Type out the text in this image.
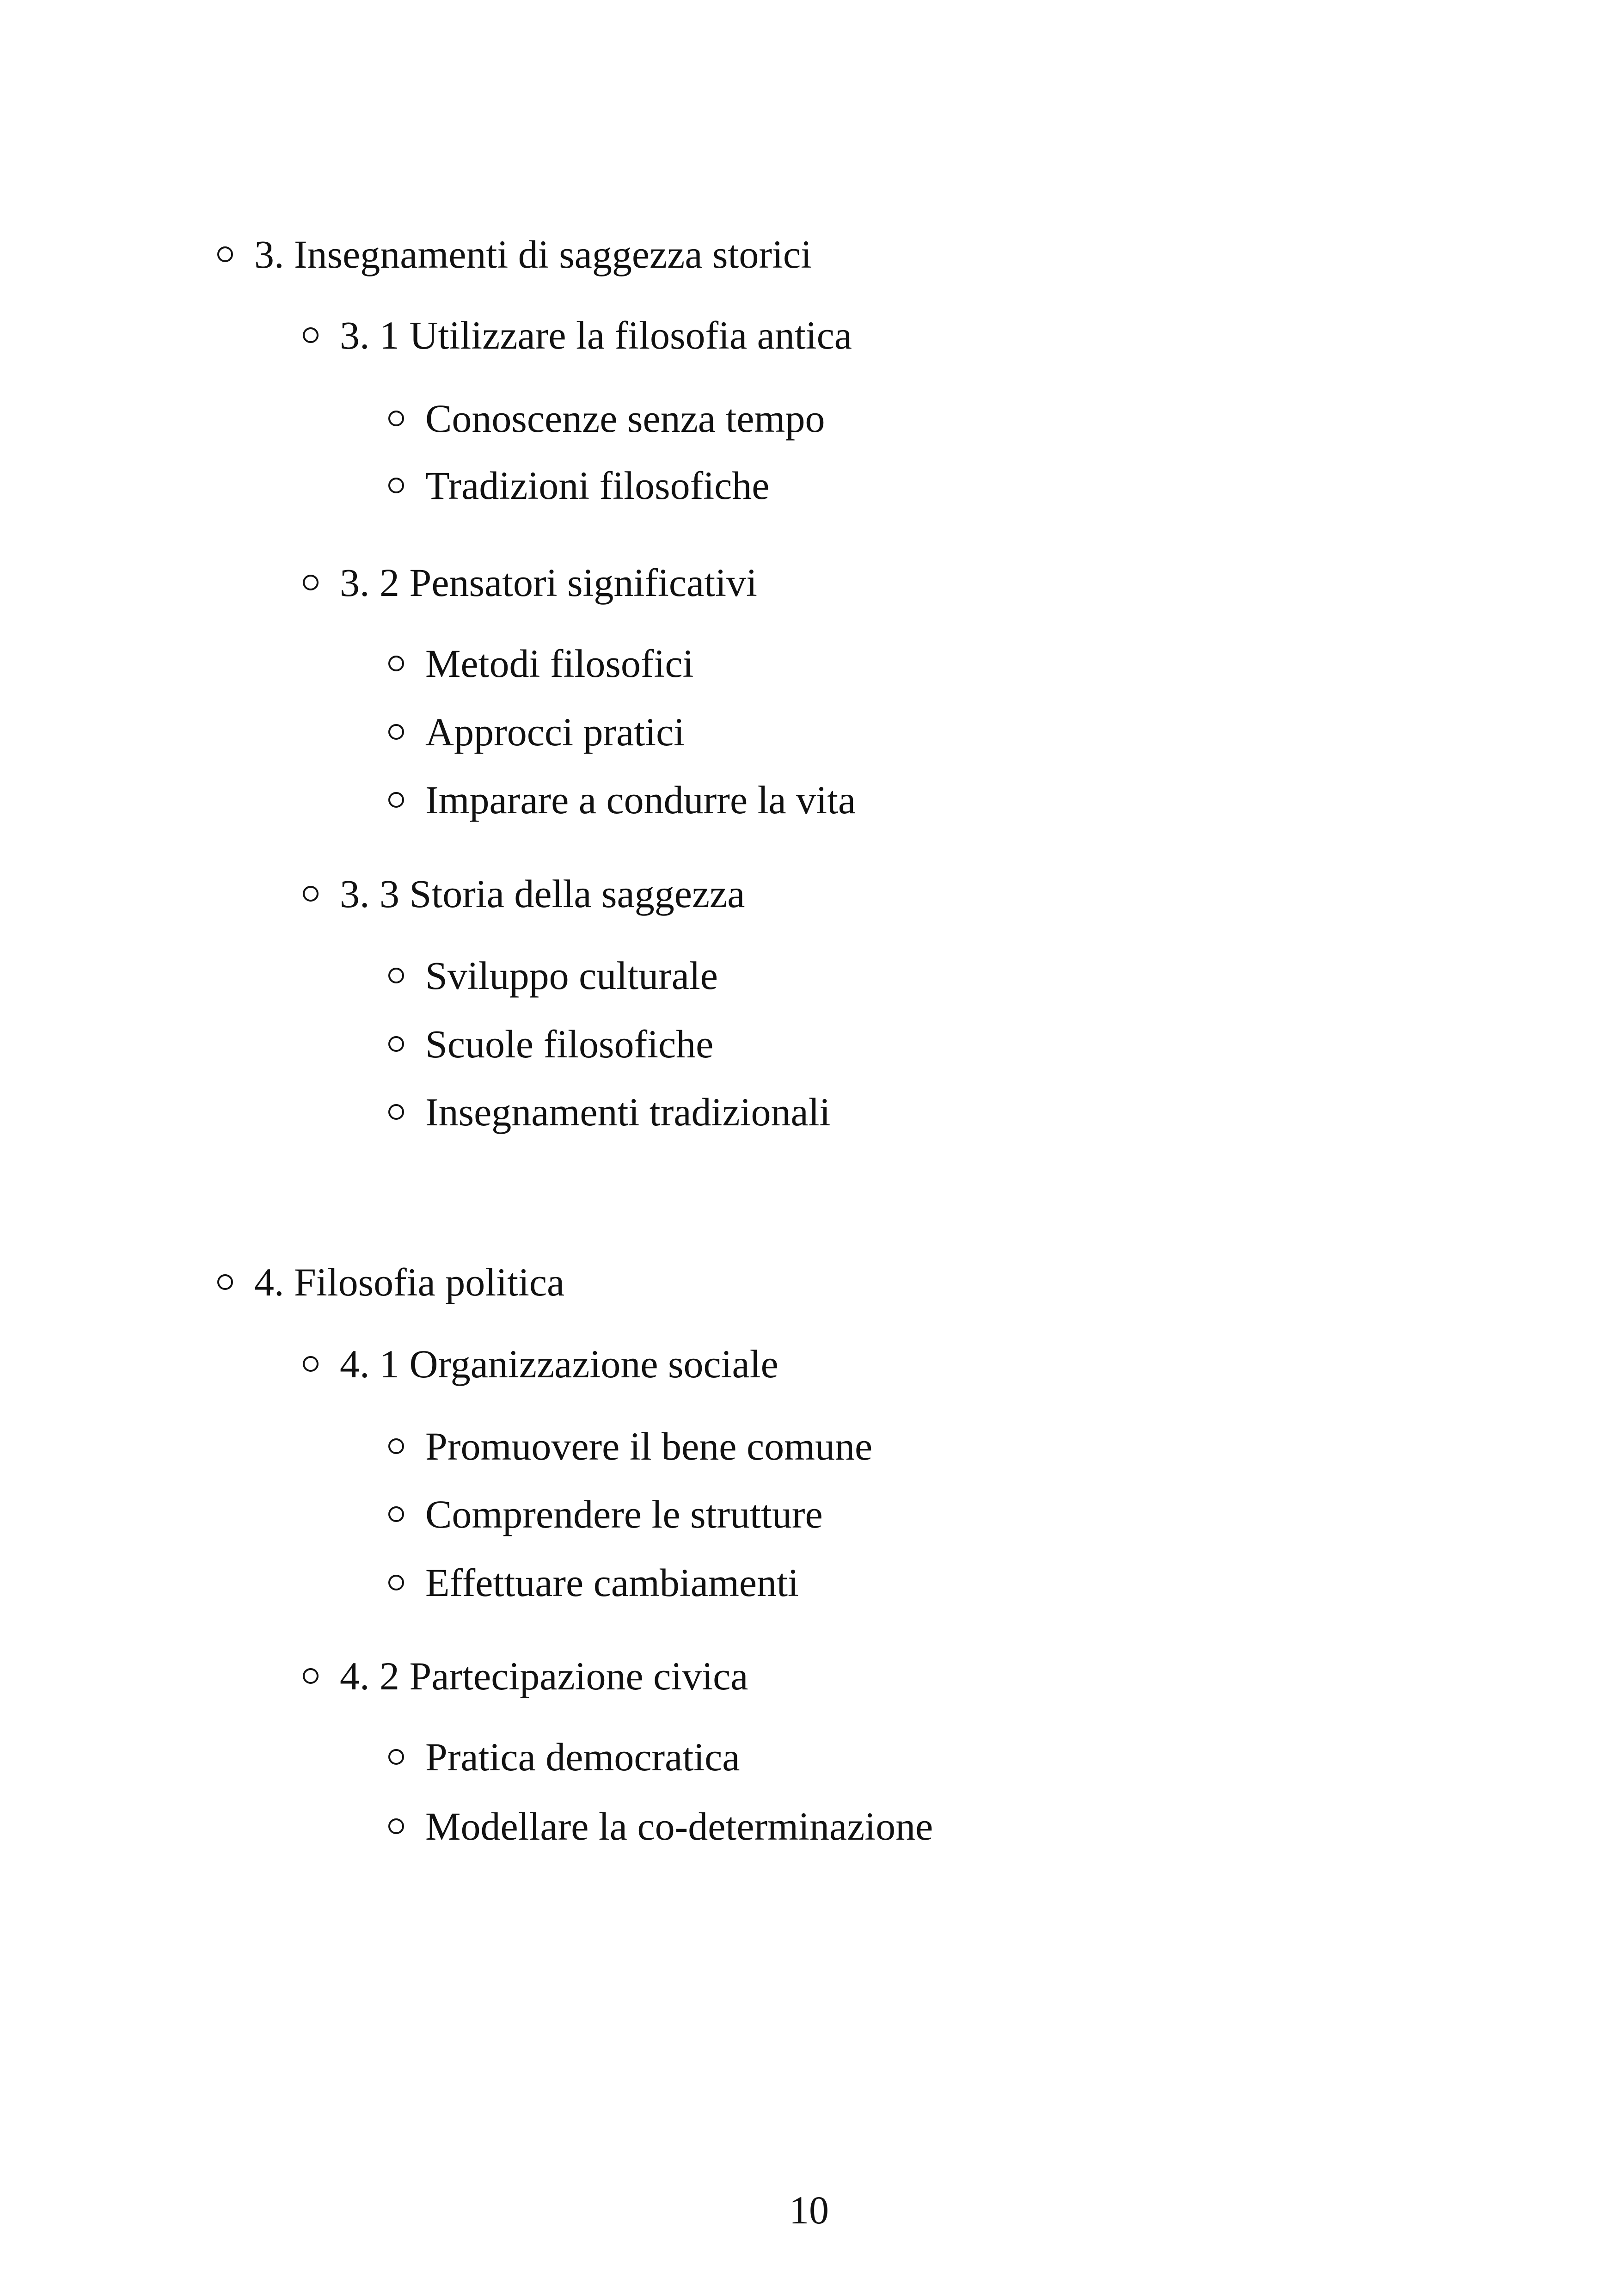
3. Insegnamenti di saggezza storici
3. 1 Utilizzare la filosofia antica
Conoscenze senza tempo
Tradizioni filosofiche
3. 2 Pensatori significativi
Metodi filosofici
Approcci pratici
Imparare a condurre la vita
3. 3 Storia della saggezza
Sviluppo culturale
Scuole filosofiche
Insegnamenti tradizionali
4. Filosofia politica
4. 1 Organizzazione sociale
Promuovere il bene comune
Comprendere le strutture
Effettuare cambiamenti
4. 2 Partecipazione civica
Pratica democratica
Modellare la co-determinazione
10
